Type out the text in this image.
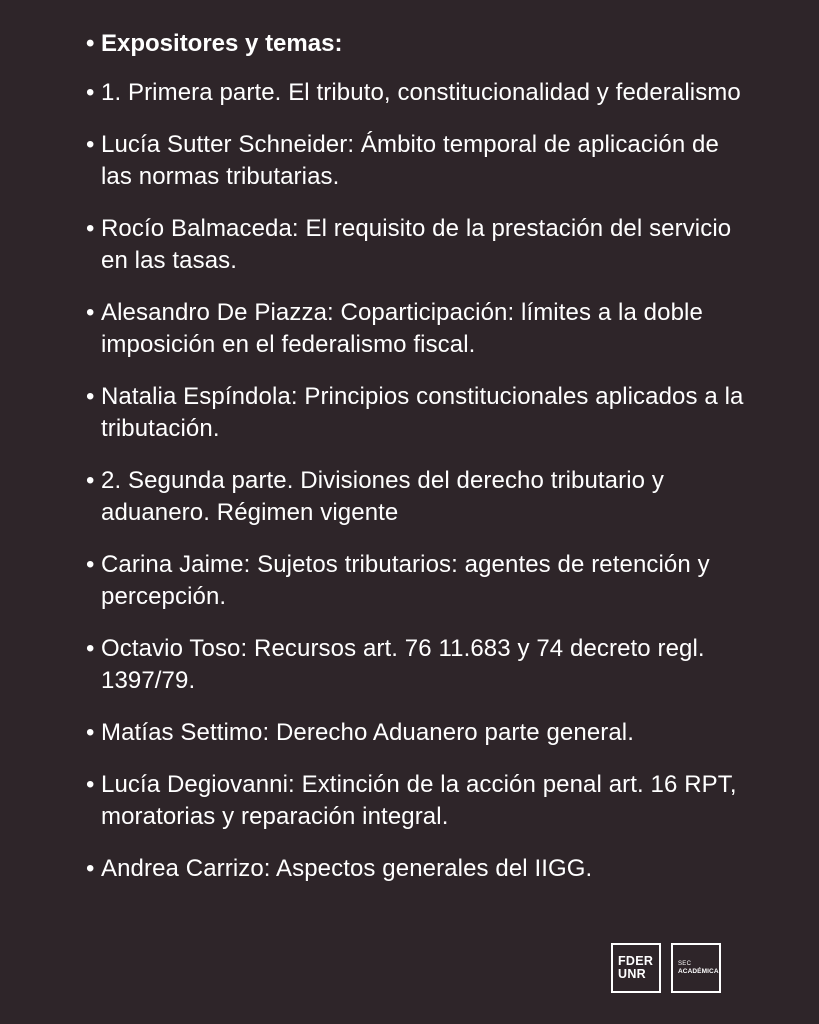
• Expositores y temas:
• 1. Primera parte. El tributo, constitucionalidad y federalismo
• Lucía Sutter Schneider: Ámbito temporal de aplicación de las normas tributarias.
• Rocío Balmaceda: El requisito de la prestación del servicio en las tasas.
• Alesandro De Piazza: Coparticipación: límites a la doble imposición en el federalismo fiscal.
• Natalia Espíndola: Principios constitucionales aplicados a la tributación.
• 2. Segunda parte. Divisiones del derecho tributario y aduanero. Régimen vigente
• Carina Jaime: Sujetos tributarios: agentes de retención y percepción.
• Octavio Toso: Recursos art. 76 11.683 y 74 decreto regl. 1397/79.
• Matías Settimo: Derecho Aduanero parte general.
• Lucía Degiovanni: Extinción de la acción penal art. 16 RPT, moratorias y reparación integral.
• Andrea Carrizo: Aspectos generales del IIGG.
FDER
UNR
SEC
ACADÉMICA
